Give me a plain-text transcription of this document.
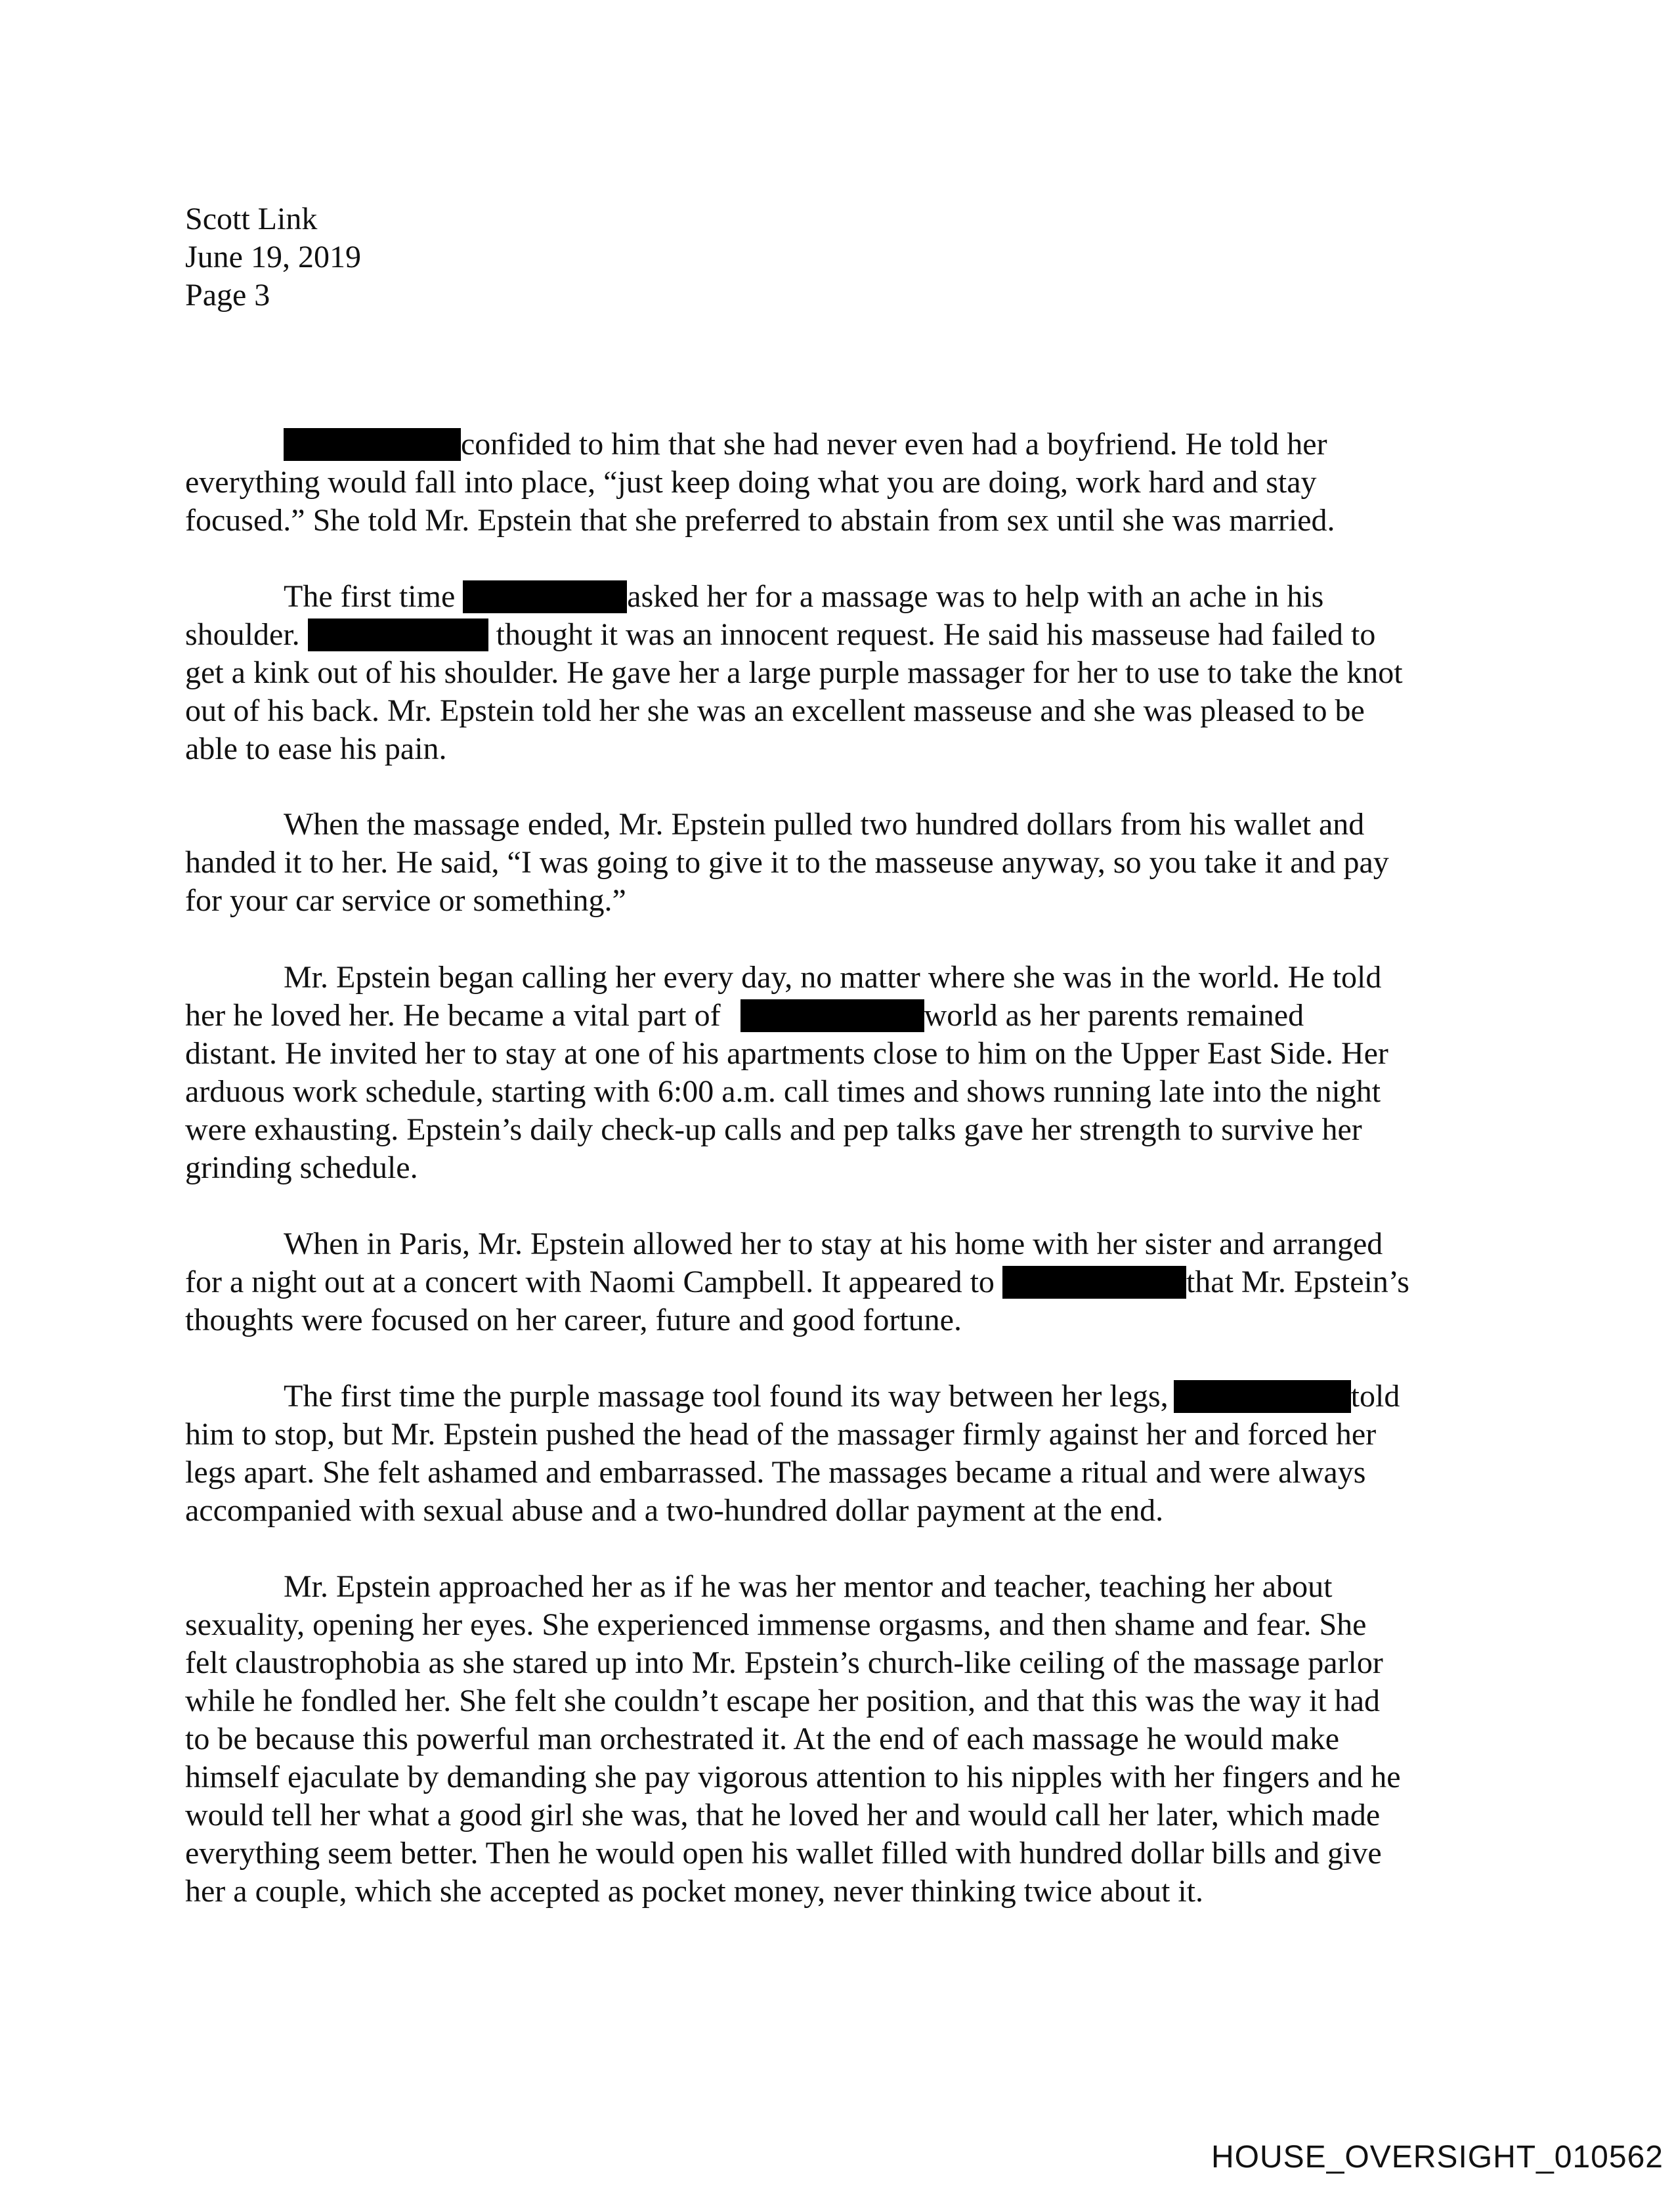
Scott Link
June 19, 2019
Page 3
confided to him that she had never even had a boyfriend. He told her
everything would fall into place, “just keep doing what you are doing, work hard and stay
focused.” She told Mr. Epstein that she preferred to abstain from sex until she was married.
The first time	asked her for a massage was to help with an ache in his
shoulder.	thought it was an innocent request. He said his masseuse had failed to
get a kink out of his shoulder. He gave her a large purple massager for her to use to take the knot
out of his back. Mr. Epstein told her she was an excellent masseuse and she was pleased to be
able to ease his pain.
When the massage ended, Mr. Epstein pulled two hundred dollars from his wallet and
handed it to her. He said, “I was going to give it to the masseuse anyway, so you take it and pay
for your car service or something.”
Mr. Epstein began calling her every day, no matter where she was in the world. He told
her he loved her. He became a vital part of	world as her parents remained
distant. He invited her to stay at one of his apartments close to him on the Upper East Side. Her
arduous work schedule, starting with 6:00 a.m. call times and shows running late into the night
were exhausting. Epstein’s daily check-up calls and pep talks gave her strength to survive her
grinding schedule.
When in Paris, Mr. Epstein allowed her to stay at his home with her sister and arranged
for a night out at a concert with Naomi Campbell. It appeared to	that Mr. Epstein’s
thoughts were focused on her career, future and good fortune.
The first time the purple massage tool found its way between her legs,	told
him to stop, but Mr. Epstein pushed the head of the massager firmly against her and forced her
legs apart. She felt ashamed and embarrassed. The massages became a ritual and were always
accompanied with sexual abuse and a two-hundred dollar payment at the end.
Mr. Epstein approached her as if he was her mentor and teacher, teaching her about
sexuality, opening her eyes. She experienced immense orgasms, and then shame and fear. She
felt claustrophobia as she stared up into Mr. Epstein’s church-like ceiling of the massage parlor
while he fondled her. She felt she couldn’t escape her position, and that this was the way it had
to be because this powerful man orchestrated it. At the end of each massage he would make
himself ejaculate by demanding she pay vigorous attention to his nipples with her fingers and he
would tell her what a good girl she was, that he loved her and would call her later, which made
everything seem better. Then he would open his wallet filled with hundred dollar bills and give
her a couple, which she accepted as pocket money, never thinking twice about it.
HOUSE_OVERSIGHT_010562
